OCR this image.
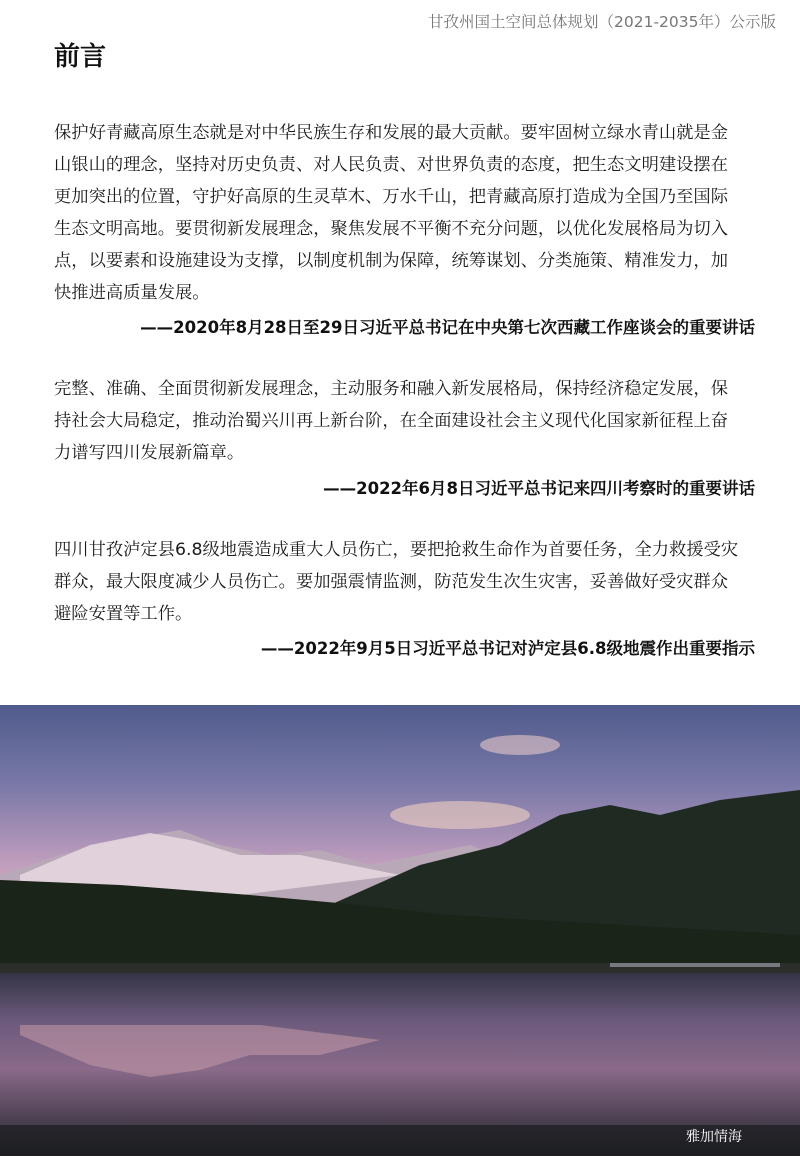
甘孜州国土空间总体规划（2021-2035年）公示版
前言
保护好青藏高原生态就是对中华民族生存和发展的最大贡献。要牢固树立绿水青山就是金
山银山的理念，坚持对历史负责、对人民负责、对世界负责的态度，把生态文明建设摆在
更加突出的位置，守护好高原的生灵草木、万水千山，把青藏高原打造成为全国乃至国际
生态文明高地。要贯彻新发展理念，聚焦发展不平衡不充分问题，以优化发展格局为切入
点，以要素和设施建设为支撑，以制度机制为保障，统筹谋划、分类施策、精准发力，加
快推进高质量发展。
——2020年8月28日至29日习近平总书记在中央第七次西藏工作座谈会的重要讲话
完整、准确、全面贯彻新发展理念，主动服务和融入新发展格局，保持经济稳定发展，保
持社会大局稳定，推动治蜀兴川再上新台阶，在全面建设社会主义现代化国家新征程上奋
力谱写四川发展新篇章。
——2022年6月8日习近平总书记来四川考察时的重要讲话
四川甘孜泸定县6.8级地震造成重大人员伤亡，要把抢救生命作为首要任务，全力救援受灾
群众，最大限度减少人员伤亡。要加强震情监测，防范发生次生灾害，妥善做好受灾群众
避险安置等工作。
——2022年9月5日习近平总书记对泸定县6.8级地震作出重要指示
雅加情海
